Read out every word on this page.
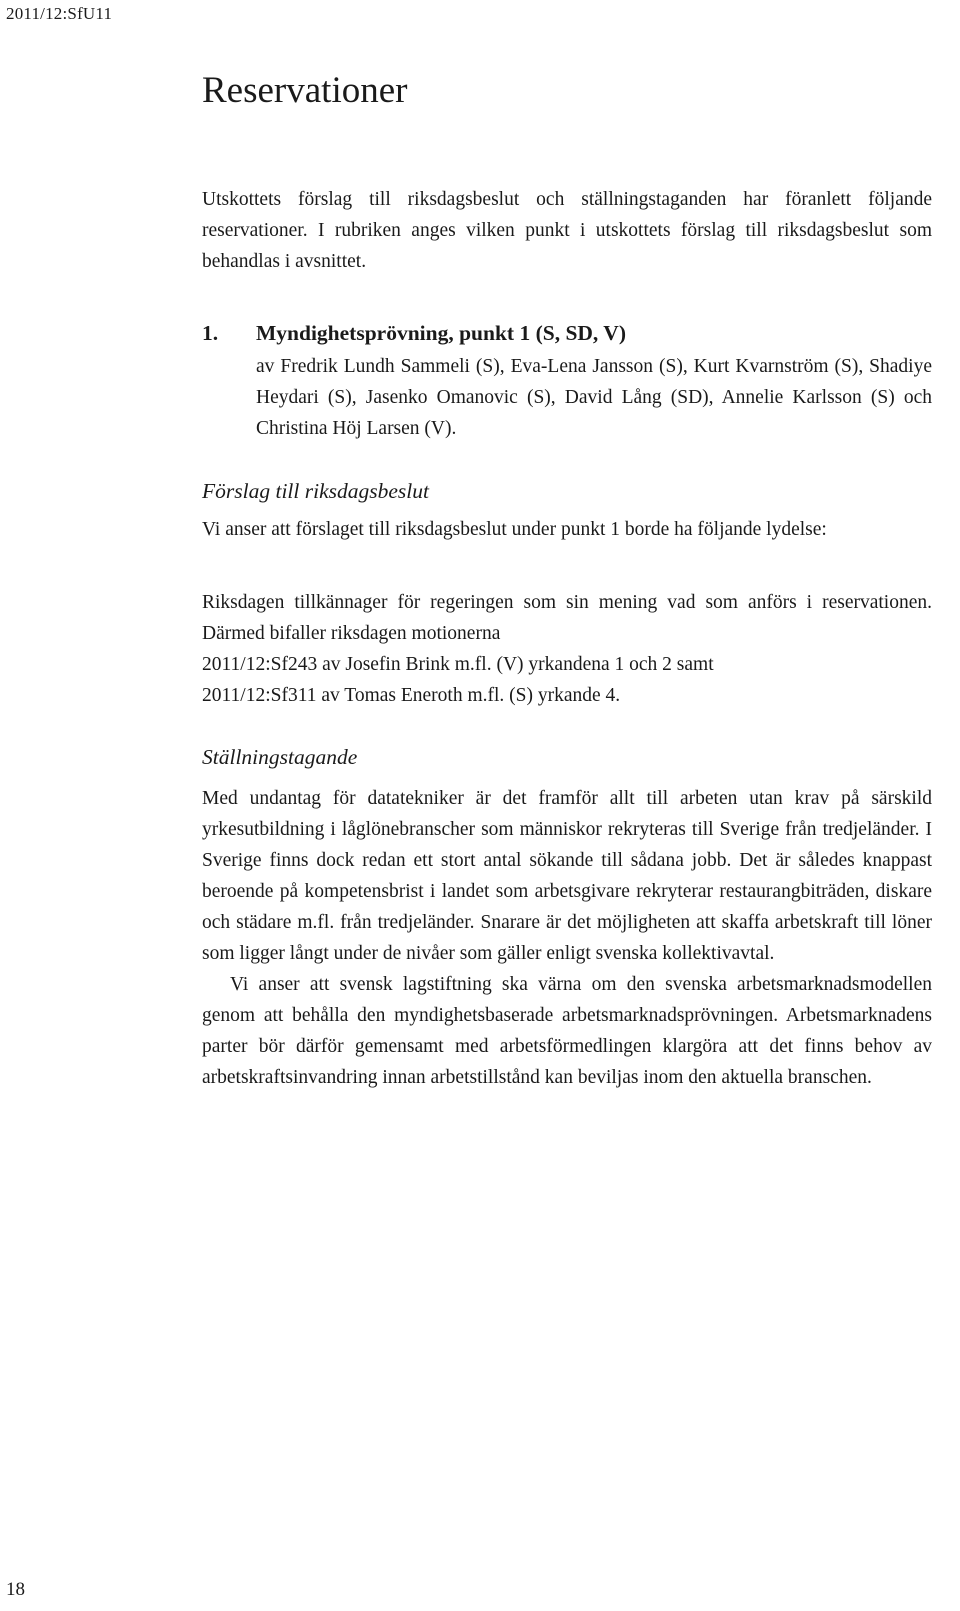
2011/12:SfU11
Reservationer

Utskottets förslag till riksdagsbeslut och ställningstaganden har föranlett följande reservationer. I rubriken anges vilken punkt i utskottets förslag till riksdagsbeslut som behandlas i avsnittet.

1. Myndighetsprövning, punkt 1 (S, SD, V)

av Fredrik Lundh Sammeli (S), Eva-Lena Jansson (S), Kurt Kvarnström (S), Shadiye Heydari (S), Jasenko Omanovic (S), David Lång (SD), Annelie Karlsson (S) och Christina Höj Larsen (V).

Förslag till riksdagsbeslut

Vi anser att förslaget till riksdagsbeslut under punkt 1 borde ha följande lydelse:

Riksdagen tillkännager för regeringen som sin mening vad som anförs i reservationen. Därmed bifaller riksdagen motionerna

2011/12:Sf243 av Josefin Brink m.fl. (V) yrkandena 1 och 2 samt

2011/12:Sf311 av Tomas Eneroth m.fl. (S) yrkande 4.

Ställningstagande

Med undantag för datatekniker är det framför allt till arbeten utan krav på särskild yrkesutbildning i låglönebranscher som människor rekryteras till Sverige från tredjeländer. I Sverige finns dock redan ett stort antal sökande till sådana jobb. Det är således knappast beroende på kompetensbrist i landet som arbetsgivare rekryterar restaurangbiträden, diskare och städare m.fl. från tredjeländer. Snarare är det möjligheten att skaffa arbetskraft till löner som ligger långt under de nivåer som gäller enligt svenska kollektivavtal.

Vi anser att svensk lagstiftning ska värna om den svenska arbetsmarknadsmodellen genom att behålla den myndighetsbaserade arbetsmarknadsprövningen. Arbetsmarknadens parter bör därför gemensamt med arbetsförmedlingen klargöra att det finns behov av arbetskraftsinvandring innan arbetstillstånd kan beviljas inom den aktuella branschen.

18
